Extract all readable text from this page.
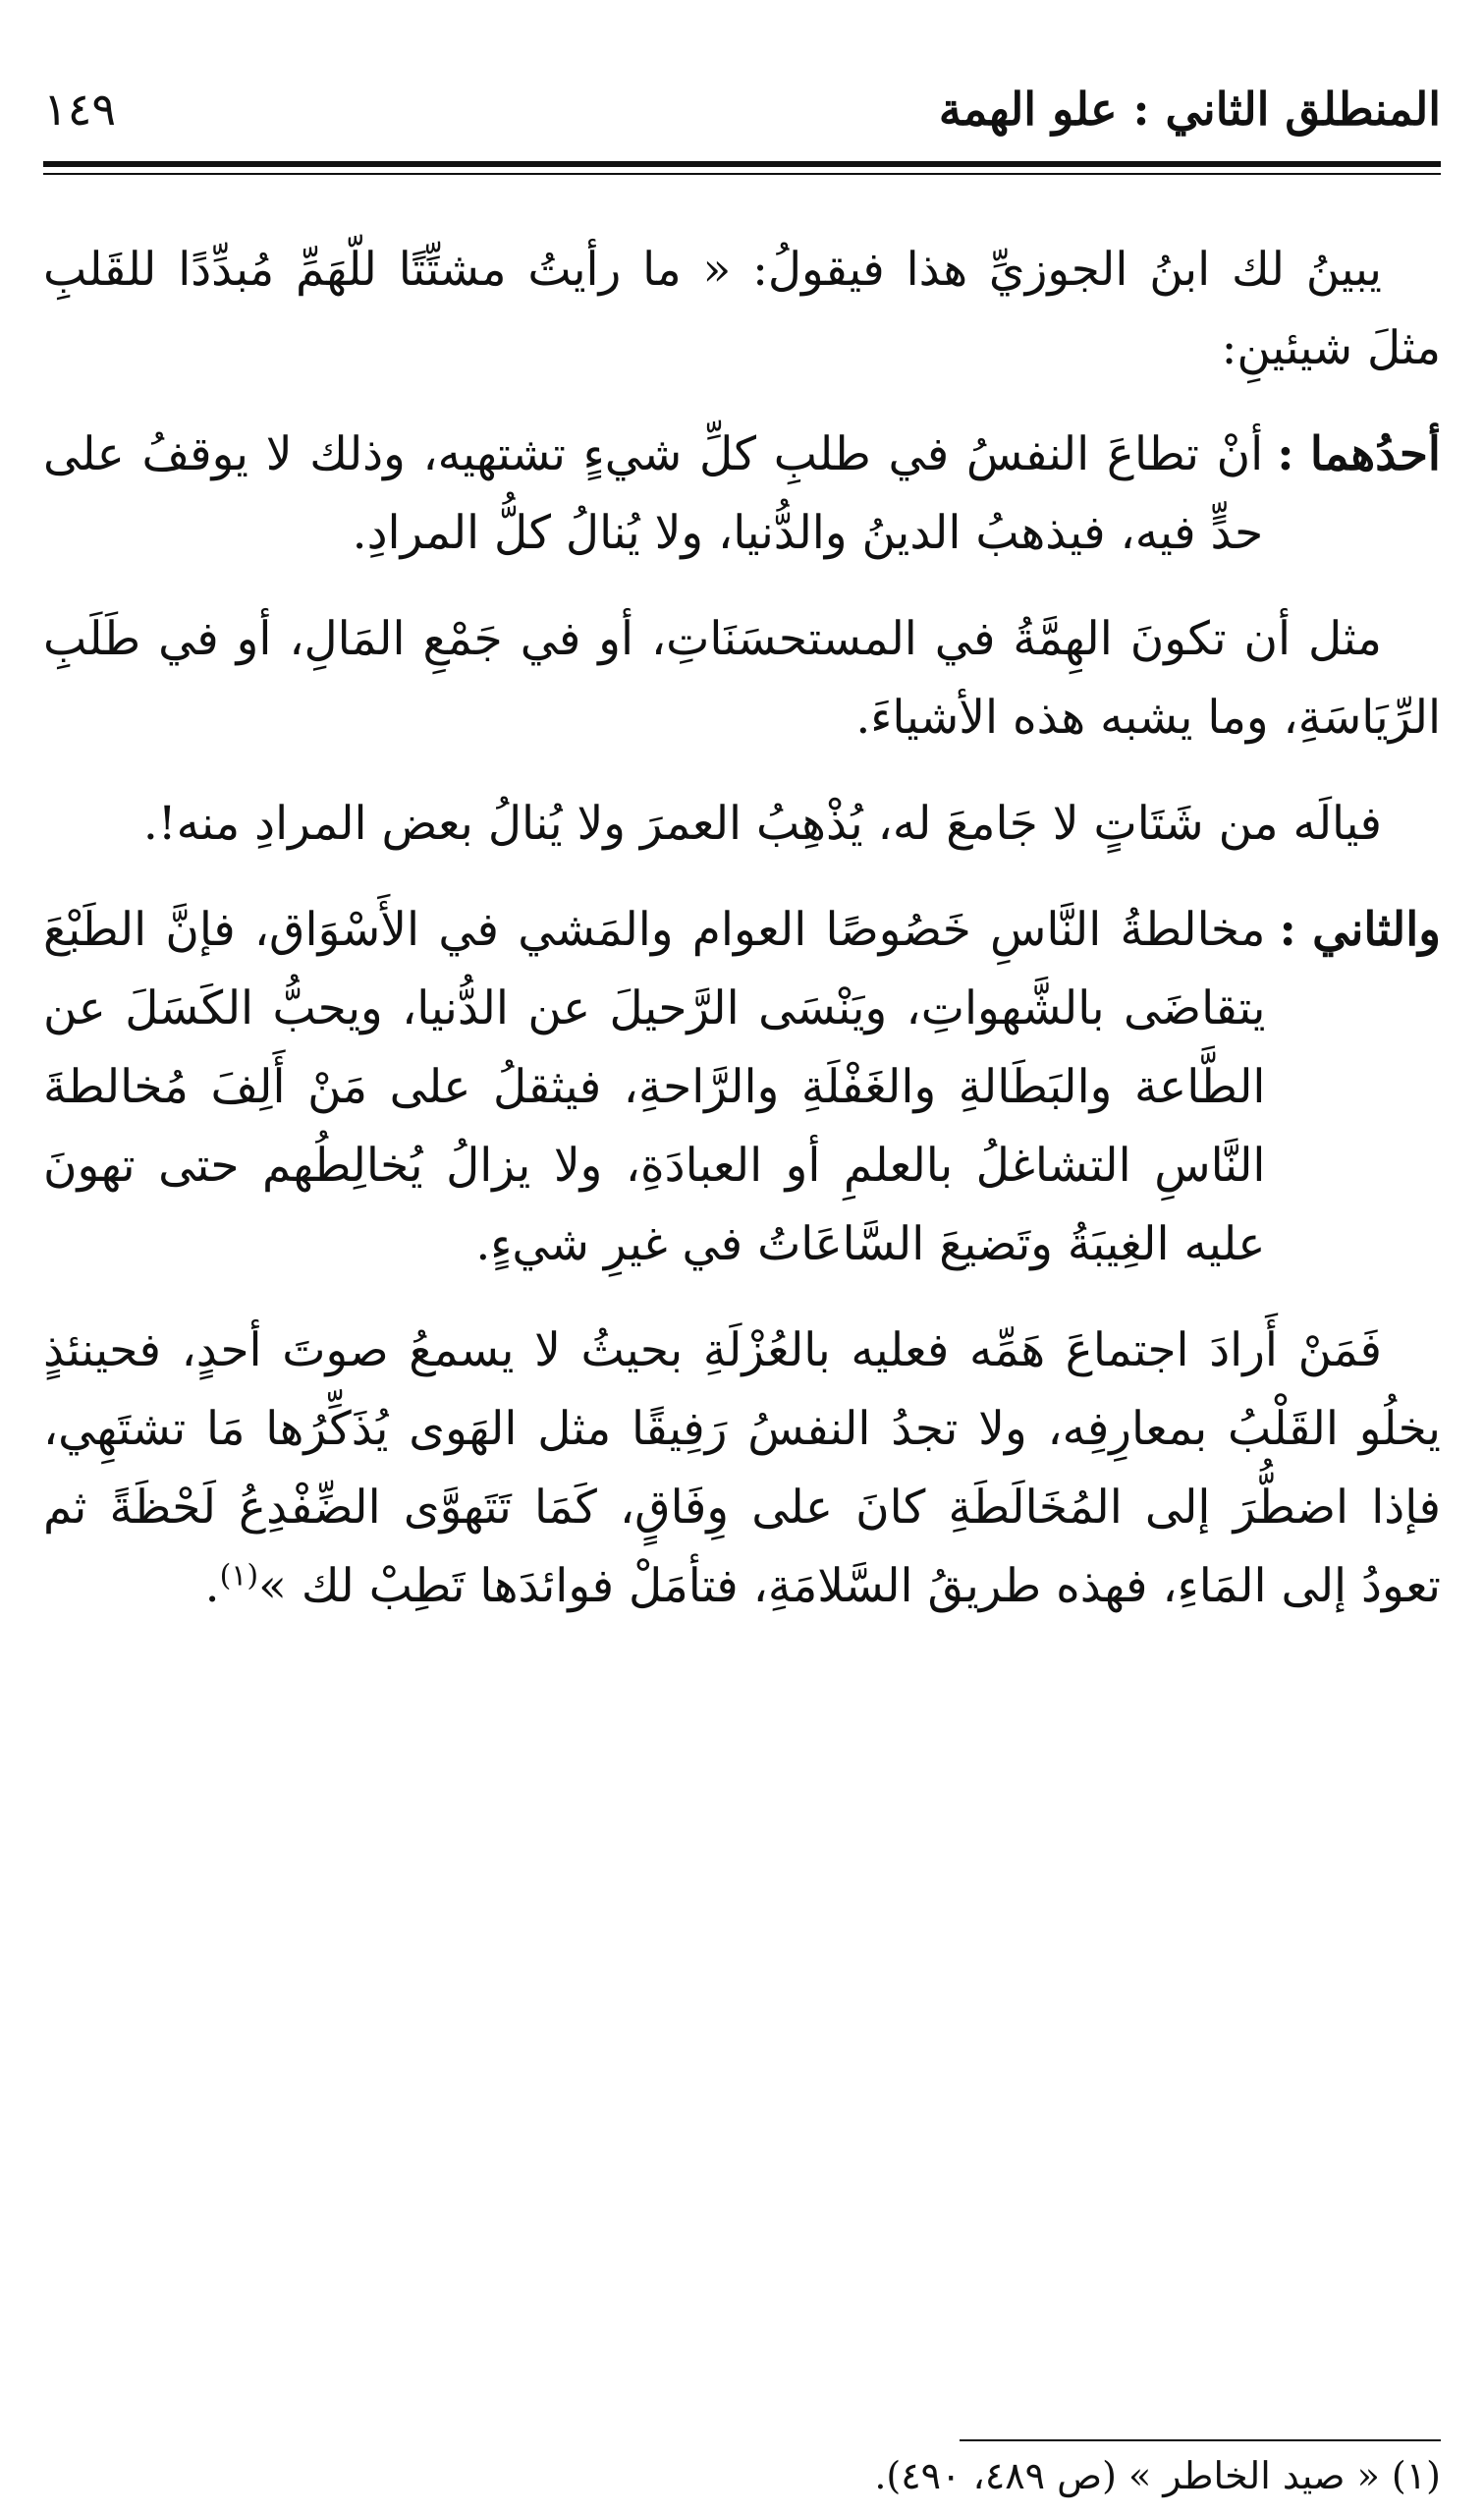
المنطلق الثاني : علو الهمة
١٤٩

يبينُ لك ابنُ الجوزيِّ هذا فيقولُ: « ما رأيتُ مشتِّتًا للّهَمِّ مُبدِّدًا للقَلبِ مثلَ شيئينِ:

أحدُهما :

أنْ تطاعَ النفسُ في طلبِ كلِّ شيءٍ تشتهيه، وذلك لا يوقفُ على حدٍّ فيه، فيذهبُ الدينُ والدُّنيا، ولا يُنالُ كلُّ المرادِ.

مثل أن تكونَ الهِمَّةُ في المستحسَنَاتِ، أو في جَمْعِ المَالِ، أو في طَلَبِ الرِّيَاسَةِ، وما يشبه هذه الأشياءَ.

فيالَه من شَتَاتٍ لا جَامعَ له، يُذْهِبُ العمرَ ولا يُنالُ بعض المرادِ منه!.

والثاني :

مخالطةُ النَّاسِ خَصُوصًا العوام والمَشي في الأَسْوَاق، فإنَّ الطَبْعَ يتقاضَى بالشَّهواتِ، ويَنْسَى الرَّحيلَ عن الدُّنيا، ويحبُّ الكَسَلَ عن الطَّاعة والبَطَالةِ والغَفْلَةِ والرَّاحةِ، فيثقلُ على مَنْ أَلِفَ مُخالطةَ النَّاسِ التشاغلُ بالعلمِ أو العبادَةِ، ولا يزالُ يُخالِطُهم حتى تهونَ عليه الغِيبَةُ وتَضيعَ السَّاعَاتُ في غيرِ شيءٍ.

فَمَنْ أَرادَ اجتماعَ هَمِّه فعليه بالعُزْلَةِ بحيثُ لا يسمعُ صوتَ أحدٍ، فحينئذٍ يخلُو القَلْبُ بمعارِفِه، ولا تجدُ النفسُ رَفِيقًا مثل الهَوى يُذَكِّرُها مَا تشتَهِي، فإذا اضطُّرَ إلى المُخَالَطَةِ كانَ على وِفَاقٍ، كَمَا تَتَهوَّى الضِّفْدِعُ لَحْظَةً ثم تعودُ إلى المَاءِ، فهذه طريقُ السَّلامَةِ، فتأمَلْ فوائدَها تَطِبْ لك »$^{(١)}$.

(١) « صيد الخاطر » (ص ٤٨٩، ٤٩٠).
